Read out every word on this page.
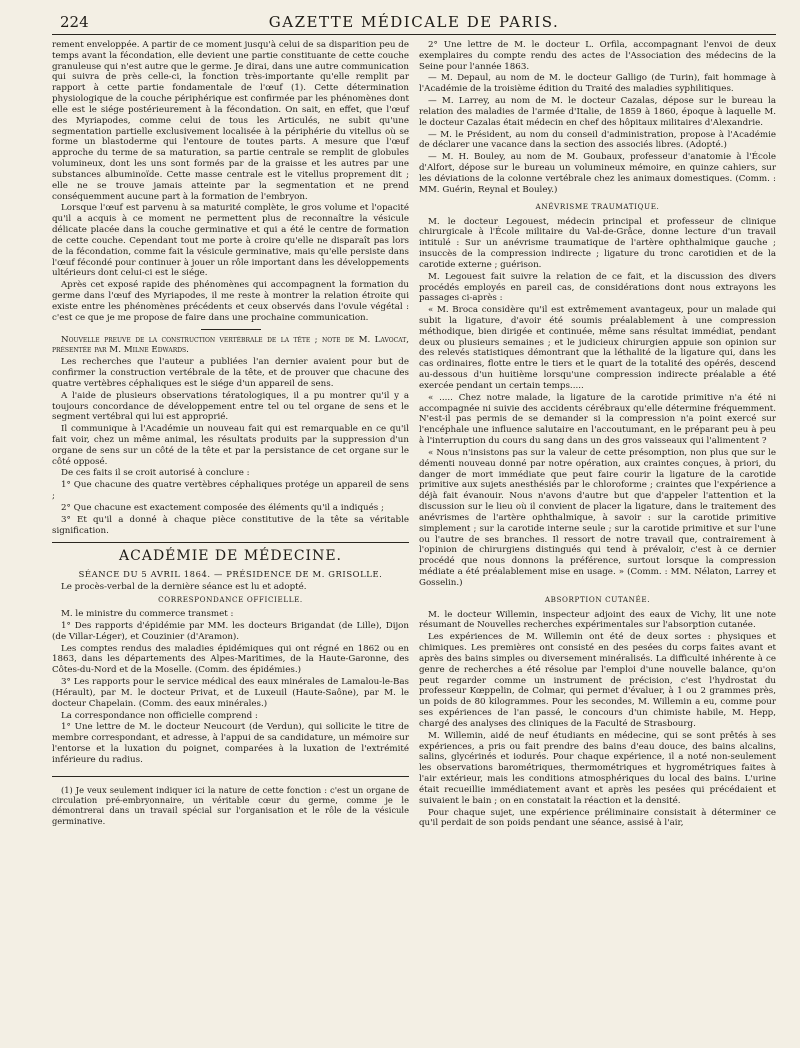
224	GAZETTE MÉDICALE DE PARIS.

rement enveloppée. A partir de ce moment jusqu'à celui de sa disparition peu de temps avant la fécondation, elle devient une partie constituante de cette couche granuleuse qui n'est autre que le germe. Je dirai, dans une autre communication qui suivra de près celle-ci, la fonction très-importante qu'elle remplit par rapport à cette partie fondamentale de l'œuf (1). Cette détermination physiologique de la couche périphérique est confirmée par les phénomènes dont elle est le siége postérieurement à la fécondation. On sait, en effet, que l'œuf des Myriapodes, comme celui de tous les Articulés, ne subit qu'une segmentation partielle exclusivement localisée à la périphérie du vitellus où se forme un blastoderme qui l'entoure de toutes parts. A mesure que l'œuf approche du terme de sa maturation, sa partie centrale se remplit de globules volumineux, dont les uns sont formés par de la graisse et les autres par une substances albuminoïde. Cette masse centrale est le vitellus proprement dit ; elle ne se trouve jamais atteinte par la segmentation et ne prend conséquemment aucune part à la formation de l'embryon.

Lorsque l'œuf est parvenu à sa maturité complète, le gros volume et l'opacité qu'il a acquis à ce moment ne permettent plus de reconnaître la vésicule délicate placée dans la couche germinative et qui a été le centre de formation de cette couche. Cependant tout me porte à croire qu'elle ne disparaît pas lors de la fécondation, comme fait la vésicule germinative, mais qu'elle persiste dans l'œuf fécondé pour continuer à jouer un rôle important dans les développements ultérieurs dont celui-ci est le siége.

Après cet exposé rapide des phénomènes qui accompagnent la formation du germe dans l'œuf des Myriapodes, il me reste à montrer la relation étroite qui existe entre les phénomènes précédents et ceux observés dans l'ovule végétal : c'est ce que je me propose de faire dans une prochaine communication.

Nouvelle preuve de la construction vertébrale de la tête ; note de M. Lavocat, présentée par M. Milne Edwards.

Les recherches que l'auteur a publiées l'an dernier avaient pour but de confirmer la construction vertébrale de la tête, et de prouver que chacune des quatre vertèbres céphaliques est le siége d'un appareil de sens.

A l'aide de plusieurs observations tératologiques, il a pu montrer qu'il y a toujours concordance de développement entre tel ou tel organe de sens et le segment vertébral qui lui est approprié.

Il communique à l'Académie un nouveau fait qui est remarquable en ce qu'il fait voir, chez un même animal, les résultats produits par la suppression d'un organe de sens sur un côté de la tête et par la persistance de cet organe sur le côté opposé.

De ces faits il se croit autorisé à conclure :

1° Que chacune des quatre vertèbres céphaliques protége un appareil de sens ;

2° Que chacune est exactement composée des éléments qu'il a indiqués ;

3° Et qu'il a donné à chaque pièce constitutive de la tête sa véritable signification.

ACADÉMIE DE MÉDECINE.
SÉANCE DU 5 AVRIL 1864. — PRÉSIDENCE DE M. GRISOLLE.

Le procès-verbal de la dernière séance est lu et adopté.

CORRESPONDANCE OFFICIELLE.

M. le ministre du commerce transmet :

1° Des rapports d'épidémie par MM. les docteurs Brigandat (de Lille), Dijon (de Villar-Léger), et Couzinier (d'Aramon).

Les comptes rendus des maladies épidémiques qui ont régné en 1862 ou en 1863, dans les départements des Alpes-Maritimes, de la Haute-Garonne, des Côtes-du-Nord et de la Moselle. (Comm. des épidémies.)

3° Les rapports pour le service médical des eaux minérales de Lamalou-le-Bas (Hérault), par M. le docteur Privat, et de Luxeuil (Haute-Saône), par M. le docteur Chapelain. (Comm. des eaux minérales.)

La correspondance non officielle comprend :

1° Une lettre de M. le docteur Neucourt (de Verdun), qui sollicite le titre de membre correspondant, et adresse, à l'appui de sa candidature, un mémoire sur l'entorse et la luxation du poignet, comparées à la luxation de l'extrémité inférieure du radius.

(1) Je veux seulement indiquer ici la nature de cette fonction : c'est un organe de circulation pré-embryonnaire, un véritable cœur du germe, comme je le démontrerai dans un travail spécial sur l'organisation et le rôle de la vésicule germinative.

2° Une lettre de M. le docteur L. Orfila, accompagnant l'envoi de deux exemplaires du compte rendu des actes de l'Association des médecins de la Seine pour l'année 1863.

— M. Depaul, au nom de M. le docteur Galligo (de Turin), fait hommage à l'Académie de la troisième édition du Traité des maladies syphilitiques.

— M. Larrey, au nom de M. le docteur Cazalas, dépose sur le bureau la relation des maladies de l'armée d'Italie, de 1859 à 1860, époque à laquelle M. le docteur Cazalas était médecin en chef des hôpitaux militaires d'Alexandrie.

— M. le Président, au nom du conseil d'administration, propose à l'Académie de déclarer une vacance dans la section des associés libres. (Adopté.)

— M. H. Bouley, au nom de M. Goubaux, professeur d'anatomie à l'École d'Alfort, dépose sur le bureau un volumineux mémoire, en quinze cahiers, sur les déviations de la colonne vertébrale chez les animaux domestiques. (Comm. : MM. Guérin, Reynal et Bouley.)

ANÉVRISME TRAUMATIQUE.

M. le docteur Legouest, médecin principal et professeur de clinique chirurgicale à l'École militaire du Val-de-Grâce, donne lecture d'un travail intitulé : Sur un anévrisme traumatique de l'artère ophthalmique gauche ; insuccès de la compression indirecte ; ligature du tronc carotidien et de la carotide externe ; guérison.

M. Legouest fait suivre la relation de ce fait, et la discussion des divers procédés employés en pareil cas, de considérations dont nous extrayons les passages ci-après :

« M. Broca considère qu'il est extrêmement avantageux, pour un malade qui subit la ligature, d'avoir été soumis préalablement à une compression méthodique, bien dirigée et continuée, même sans résultat immédiat, pendant deux ou plusieurs semaines ; et le judicieux chirurgien appuie son opinion sur des relevés statistiques démontrant que la léthalité de la ligature qui, dans les cas ordinaires, flotte entre le tiers et le quart de la totalité des opérés, descend au-dessous d'un huitième lorsqu'une compression indirecte préalable a été exercée pendant un certain temps.....

« ..... Chez notre malade, la ligature de la carotide primitive n'a été ni accompagnée ni suivie des accidents cérébraux qu'elle détermine fréquemment. N'est-il pas permis de se demander si la compression n'a point exercé sur l'encéphale une influence salutaire en l'accoutumant, en le préparant peu à peu à l'interruption du cours du sang dans un des gros vaisseaux qui l'alimentent ?

« Nous n'insistons pas sur la valeur de cette présomption, non plus que sur le démenti nouveau donné par notre opération, aux craintes conçues, à priori, du danger de mort immédiate que peut faire courir la ligature de la carotide primitive aux sujets anesthésiés par le chloroforme ; craintes que l'expérience a déjà fait évanouir. Nous n'avons d'autre but que d'appeler l'attention et la discussion sur le lieu où il convient de placer la ligature, dans le traitement des anévrismes de l'artère ophthalmique, à savoir : sur la carotide primitive simplement ; sur la carotide interne seule ; sur la carotide primitive et sur l'une ou l'autre de ses branches. Il ressort de notre travail que, contrairement à l'opinion de chirurgiens distingués qui tend à prévaloir, c'est à ce dernier procédé que nous donnons la préférence, surtout lorsque la compression médiate a été préalablement mise en usage. » (Comm. : MM. Nélaton, Larrey et Gosselin.)

ABSORPTION CUTANÉE.

M. le docteur Willemin, inspecteur adjoint des eaux de Vichy, lit une note résumant de Nouvelles recherches expérimentales sur l'absorption cutanée.

Les expériences de M. Willemin ont été de deux sortes : physiques et chimiques. Les premières ont consisté en des pesées du corps faites avant et après des bains simples ou diversement minéralisés. La difficulté inhérente à ce genre de recherches a été résolue par l'emploi d'une nouvelle balance, qu'on peut regarder comme un instrument de précision, c'est l'hydrostat du professeur Kœppelin, de Colmar, qui permet d'évaluer, à 1 ou 2 grammes près, un poids de 80 kilogrammes. Pour les secondes, M. Willemin a eu, comme pour ses expériences de l'an passé, le concours d'un chimiste habile, M. Hepp, chargé des analyses des cliniques de la Faculté de Strasbourg.

M. Willemin, aidé de neuf étudiants en médecine, qui se sont prêtés à ses expériences, a pris ou fait prendre des bains d'eau douce, des bains alcalins, salins, glycérinés et iodurés. Pour chaque expérience, il a noté non-seulement les observations barométriques, thermométriques et hygrométriques faites à l'air extérieur, mais les conditions atmosphériques du local des bains. L'urine était recueillie immédiatement avant et après les pesées qui précédaient et suivaient le bain ; on en constatait la réaction et la densité.

Pour chaque sujet, une expérience préliminaire consistait à déterminer ce qu'il perdait de son poids pendant une séance, assisé à l'air,
